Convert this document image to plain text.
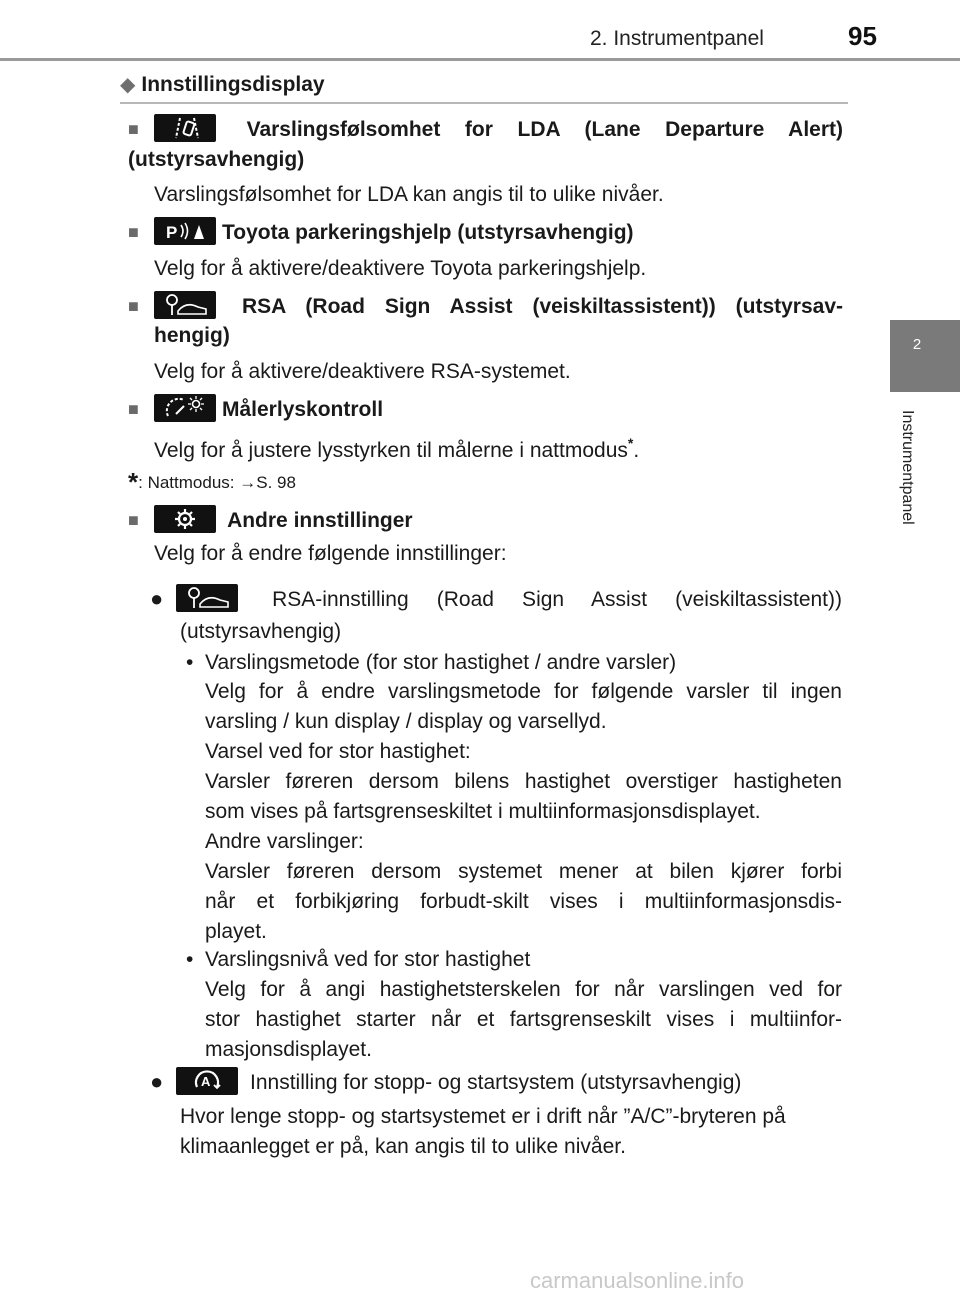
2. Instrumentpanel	95
2
Instrumentpanel
◆ Innstillingsdisplay
■	Varslingsfølsomhet for LDA (Lane Departure Alert) (utstyrsavhengig)
Varslingsfølsomhet for LDA kan angis til to ulike nivåer.
■ P Toyota parkeringshjelp (utstyrsavhengig)
Velg for å aktivere/deaktivere Toyota parkeringshjelp.
■	RSA (Road Sign Assist (veiskiltassistent)) (utstyrsav-
hengig)
Velg for å aktivere/deaktivere RSA-systemet.
■	Målerlyskontroll
Velg for å justere lysstyrken til målerne i nattmodus*.
*: Nattmodus: →S. 98
■	Andre innstillinger
Velg for å endre følgende innstillinger:
●	RSA-innstilling (Road Sign Assist (veiskiltassistent))
(utstyrsavhengig)
• Varslingsmetode (for stor hastighet / andre varsler)
Velg for å endre varslingsmetode for følgende varsler til ingen
varsling / kun display / display og varsellyd.
Varsel ved for stor hastighet:
Varsler føreren dersom bilens hastighet overstiger hastigheten
som vises på fartsgrenseskiltet i multiinformasjonsdisplayet.
Andre varslinger:
Varsler føreren dersom systemet mener at bilen kjører forbi
når et forbikjøring forbudt-skilt vises i multiinformasjonsdis-
playet.
• Varslingsnivå ved for stor hastighet
Velg for å angi hastighetsterskelen for når varslingen ved for
stor hastighet starter når et fartsgrenseskilt vises i multiinfor-
masjonsdisplayet.
●	A Innstilling for stopp- og startsystem (utstyrsavhengig)
Hvor lenge stopp- og startsystemet er i drift når ”A/C”-bryteren på
klimaanlegget er på, kan angis til to ulike nivåer.
carmanualsonline.info
